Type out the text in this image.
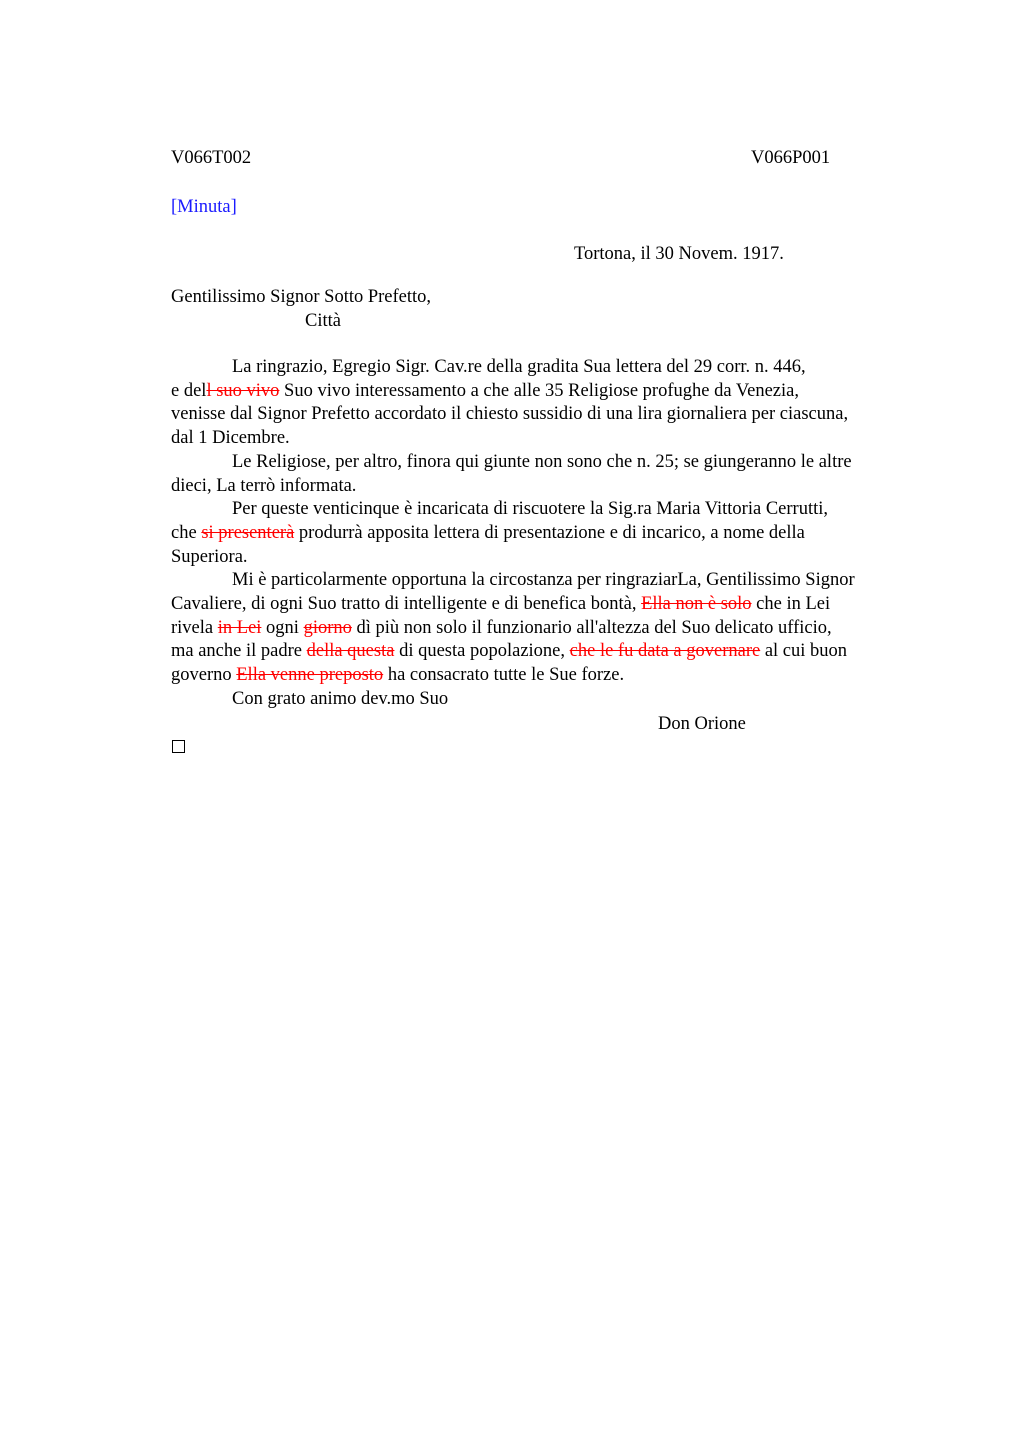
V066T002	V066P001
[Minuta]
Tortona, il 30 Novem. 1917.
Gentilissimo Signor Sotto Prefetto,
Città
La ringrazio, Egregio Sigr. Cav.re della gradita Sua lettera del 29 corr. n. 446,
e dell suo vivo Suo vivo interessamento a che alle 35 Religiose profughe da Venezia,
venisse dal Signor Prefetto accordato il chiesto sussidio di una lira giornaliera per ciascuna,
dal 1 Dicembre.
Le Religiose, per altro, finora qui giunte non sono che n. 25; se giungeranno le altre
dieci, La terrò informata.
Per queste venticinque è incaricata di riscuotere la Sig.ra Maria Vittoria Cerrutti,
che si presenterà produrrà apposita lettera di presentazione e di incarico, a nome della
Superiora.
Mi è particolarmente opportuna la circostanza per ringraziarLa, Gentilissimo Signor
Cavaliere, di ogni Suo tratto di intelligente e di benefica bontà, Ella non è solo che in Lei
rivela in Lei ogni giorno dì più non solo il funzionario all'altezza del Suo delicato ufficio,
ma anche il padre della questa di questa popolazione, che le fu data a governare al cui buon
governo Ella venne preposto ha consacrato tutte le Sue forze.
Con grato animo dev.mo Suo
Don Orione
